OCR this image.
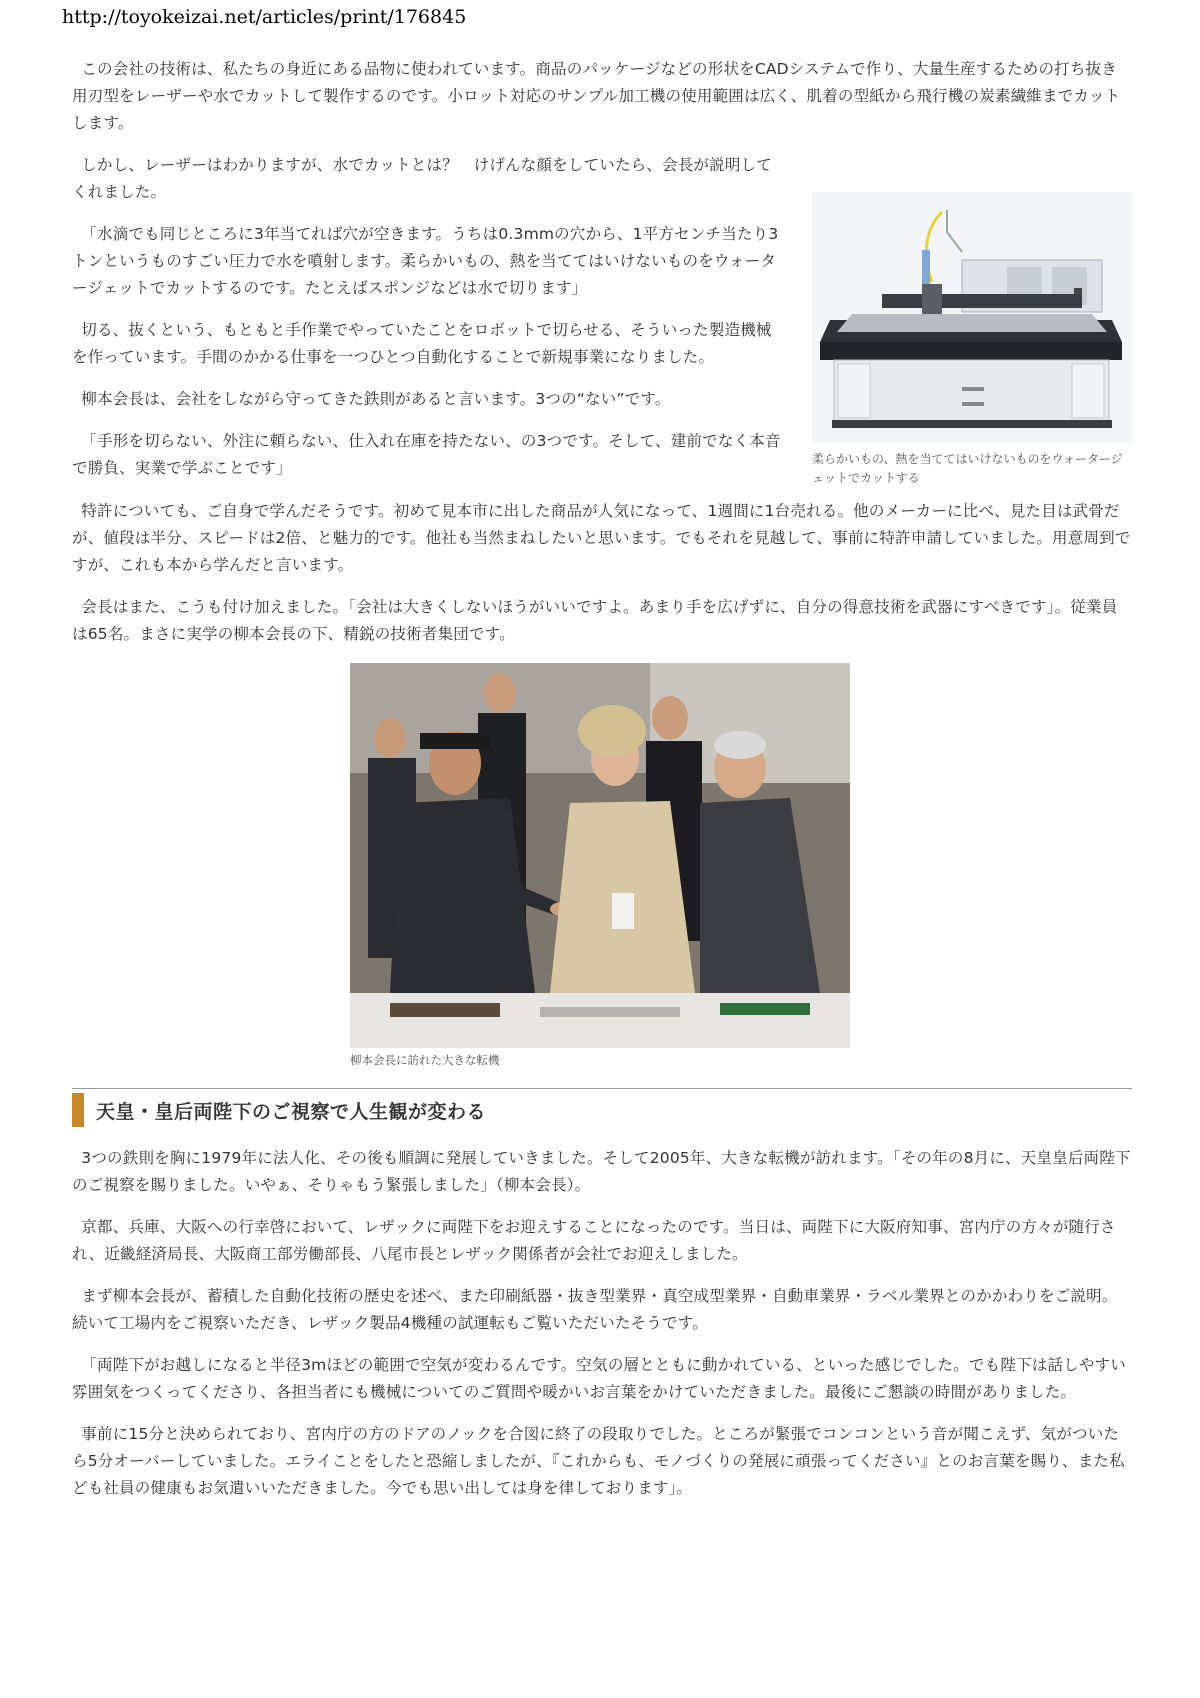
http://toyokeizai.net/articles/print/176845

この会社の技術は、私たちの身近にある品物に使われています。商品のパッケージなどの形状をCADシステムで作り、大量生産するための打ち抜き用刃型をレーザーや水でカットして製作するのです。小ロット対応のサンプル加工機の使用範囲は広く、肌着の型紙から飛行機の炭素繊維までカットします。

柔らかいもの、熱を当ててはいけないものをウォータージェットでカットする

しかし、レーザーはわかりますが、水でカットとは？　けげんな顔をしていたら、会長が説明してくれました。

「水滴でも同じところに3年当てれば穴が空きます。うちは0.3mmの穴から、1平方センチ当たり3トンというものすごい圧力で水を噴射します。柔らかいもの、熱を当ててはいけないものをウォータージェットでカットするのです。たとえばスポンジなどは水で切ります」

切る、抜くという、もともと手作業でやっていたことをロボットで切らせる、そういった製造機械を作っています。手間のかかる仕事を一つひとつ自動化することで新規事業になりました。

柳本会長は、会社をしながら守ってきた鉄則があると言います。3つの“ない”です。

「手形を切らない、外注に頼らない、仕入れ在庫を持たない、の3つです。そして、建前でなく本音で勝負、実業で学ぶことです」

特許についても、ご自身で学んだそうです。初めて見本市に出した商品が人気になって、1週間に1台売れる。他のメーカーに比べ、見た目は武骨だが、値段は半分、スピードは2倍、と魅力的です。他社も当然まねしたいと思います。でもそれを見越して、事前に特許申請していました。用意周到ですが、これも本から学んだと言います。

会長はまた、こうも付け加えました。「会社は大きくしないほうがいいですよ。あまり手を広げずに、自分の得意技術を武器にすべきです」。従業員は65名。まさに実学の柳本会長の下、精鋭の技術者集団です。

柳本会長に訪れた大きな転機
天皇・皇后両陛下のご視察で人生観が変わる

3つの鉄則を胸に1979年に法人化、その後も順調に発展していきました。そして2005年、大きな転機が訪れます。「その年の8月に、天皇皇后両陛下のご視察を賜りました。いやぁ、そりゃもう緊張しました」（柳本会長）。

京都、兵庫、大阪への行幸啓において、レザックに両陛下をお迎えすることになったのです。当日は、両陛下に大阪府知事、宮内庁の方々が随行され、近畿経済局長、大阪商工部労働部長、八尾市長とレザック関係者が会社でお迎えしました。

まず柳本会長が、蓄積した自動化技術の歴史を述べ、また印刷紙器・抜き型業界・真空成型業界・自動車業界・ラベル業界とのかかわりをご説明。続いて工場内をご視察いただき、レザック製品4機種の試運転もご覧いただいたそうです。

「両陛下がお越しになると半径3mほどの範囲で空気が変わるんです。空気の層とともに動かれている、といった感じでした。でも陛下は話しやすい雰囲気をつくってくださり、各担当者にも機械についてのご質問や暖かいお言葉をかけていただきました。最後にご懇談の時間がありました。

事前に15分と決められており、宮内庁の方のドアのノックを合図に終了の段取りでした。ところが緊張でコンコンという音が聞こえず、気がついたら5分オーバーしていました。エライことをしたと恐縮しましたが、『これからも、モノづくりの発展に頑張ってください』とのお言葉を賜り、また私ども社員の健康もお気遣いいただきました。今でも思い出しては身を律しております」。
